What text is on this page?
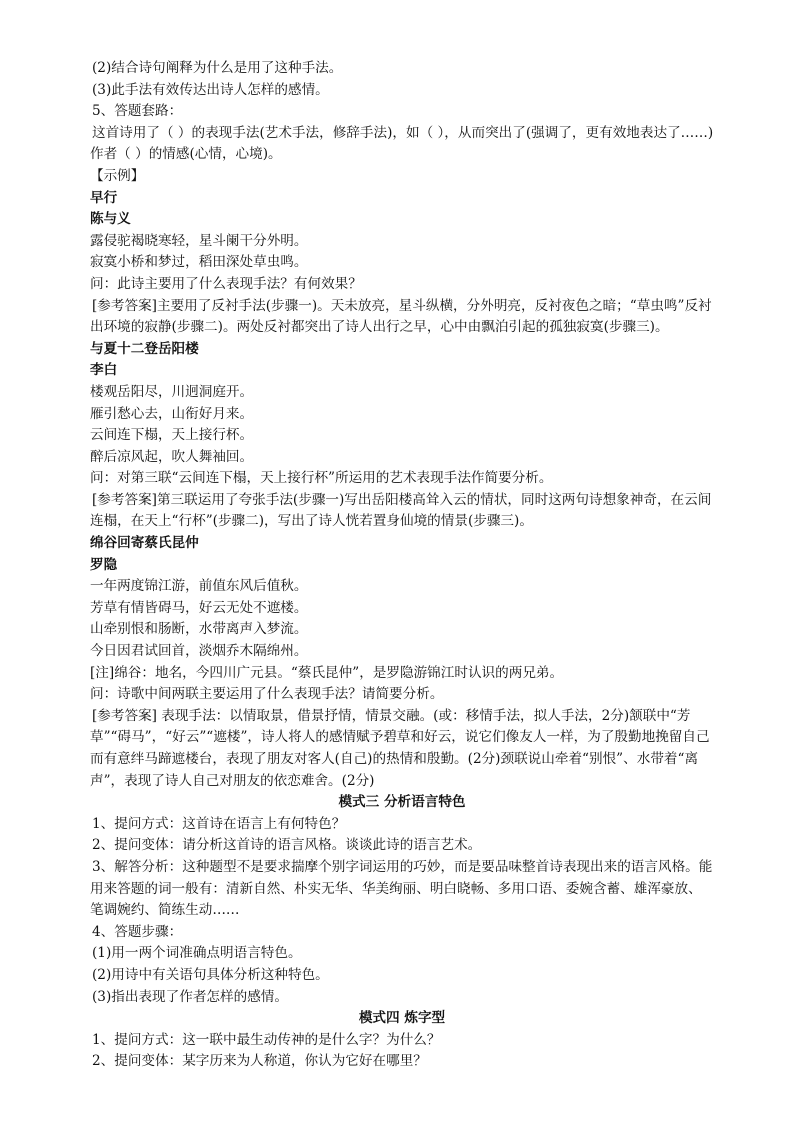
(2)结合诗句阐释为什么是用了这种手法。

(3)此手法有效传达出诗人怎样的感情。

5、答题套路：

这首诗用了（ ）的表现手法(艺术手法，修辞手法)，如（ ），从而突出了(强调了，更有效地表达了……)作者（ ）的情感(心情，心境)。

【示例】

早行

陈与义

露侵驼褐晓寒轻，星斗阑干分外明。

寂寞小桥和梦过，稻田深处草虫鸣。

问：此诗主要用了什么表现手法？有何效果？

[参考答案]主要用了反衬手法(步骤一)。天未放亮，星斗纵横，分外明亮，反衬夜色之暗；“草虫鸣”反衬出环境的寂静(步骤二)。两处反衬都突出了诗人出行之早，心中由飘泊引起的孤独寂寞(步骤三)。

与夏十二登岳阳楼

李白

楼观岳阳尽，川迥洞庭开。

雁引愁心去，山衔好月来。

云间连下榻，天上接行杯。

醉后凉风起，吹人舞袖回。

问：对第三联“云间连下榻，天上接行杯”所运用的艺术表现手法作简要分析。

[参考答案]第三联运用了夸张手法(步骤一)写出岳阳楼高耸入云的情状，同时这两句诗想象神奇，在云间连榻，在天上“行杯”(步骤二)，写出了诗人恍若置身仙境的情景(步骤三)。

绵谷回寄蔡氏昆仲

罗隐

一年两度锦江游，前值东风后值秋。

芳草有情皆碍马，好云无处不遮楼。

山牵别恨和肠断，水带离声入梦流。

今日因君试回首，淡烟乔木隔绵州。

[注]绵谷：地名，今四川广元县。“蔡氏昆仲”，是罗隐游锦江时认识的两兄弟。

问：诗歌中间两联主要运用了什么表现手法？请简要分析。

[参考答案] 表现手法：以情取景，借景抒情，情景交融。(或：移情手法，拟人手法，2分)颔联中“芳草”“碍马”，“好云”“遮楼”，诗人将人的感情赋予碧草和好云，说它们像友人一样，为了殷勤地挽留自己而有意绊马蹄遮楼台，表现了朋友对客人(自己)的热情和殷勤。(2分)颈联说山牵着“别恨”、水带着“离声”，表现了诗人自己对朋友的依恋难舍。(2分)

模式三 分析语言特色

1、提问方式：这首诗在语言上有何特色？

2、提问变体：请分析这首诗的语言风格。谈谈此诗的语言艺术。

3、解答分析：这种题型不是要求揣摩个别字词运用的巧妙，而是要品味整首诗表现出来的语言风格。能用来答题的词一般有：清新自然、朴实无华、华美绚丽、明白晓畅、多用口语、委婉含蓄、雄浑豪放、笔调婉约、简练生动……

4、答题步骤：

(1)用一两个词准确点明语言特色。

(2)用诗中有关语句具体分析这种特色。

(3)指出表现了作者怎样的感情。

模式四 炼字型

1、提问方式：这一联中最生动传神的是什么字？为什么？

2、提问变体：某字历来为人称道，你认为它好在哪里？
